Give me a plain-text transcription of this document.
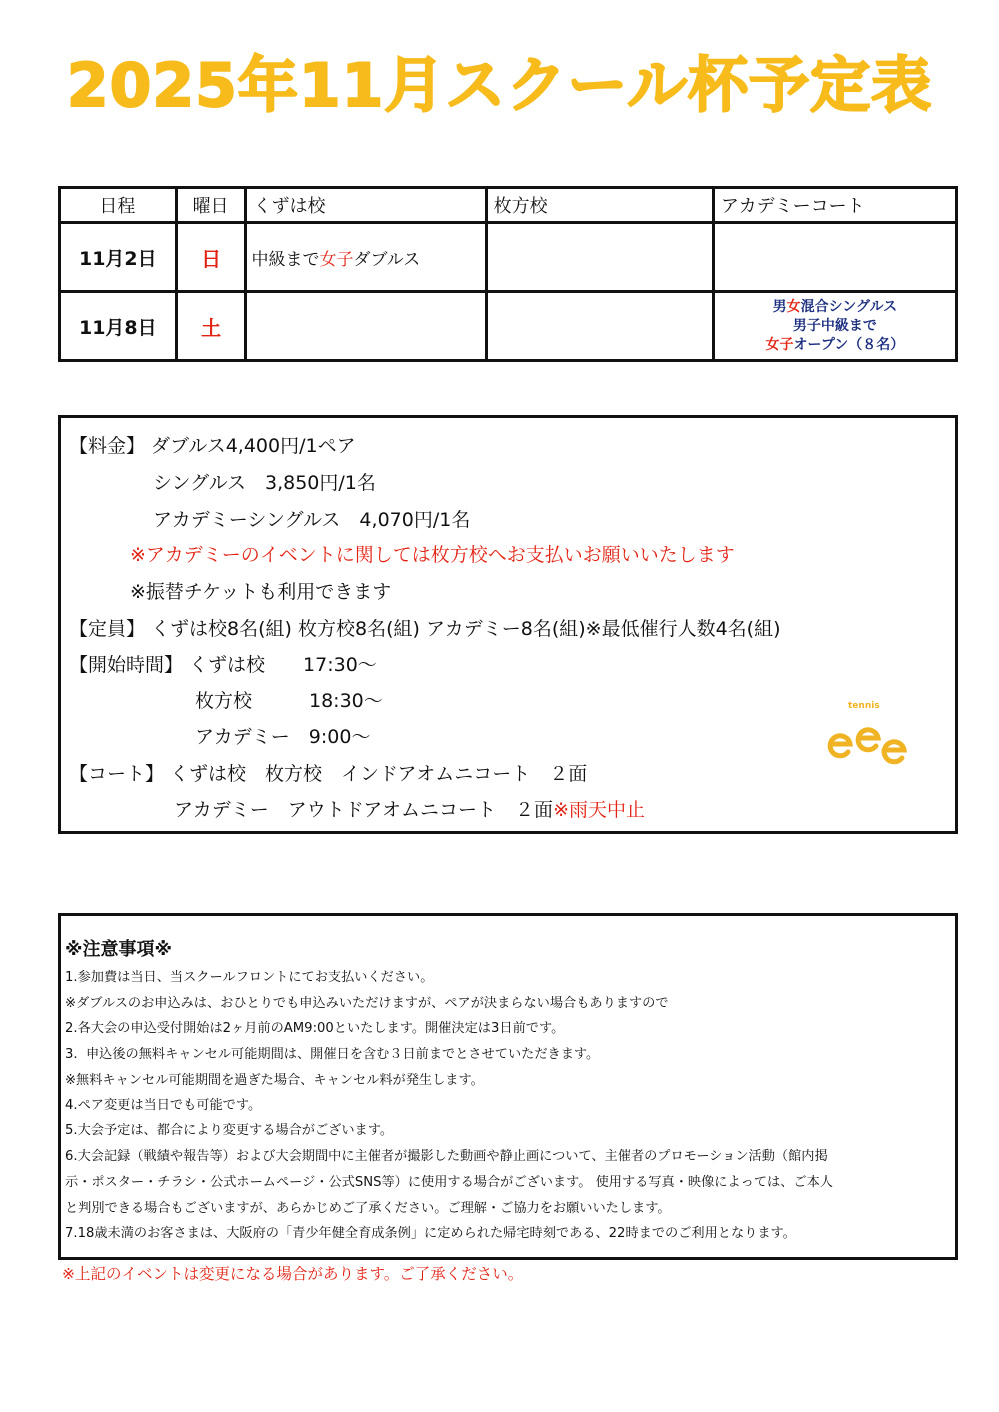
2025年11月スクール杯予定表
日程	曜日	くずは校	枚方校	アカデミーコート
11月2日	日	中級まで女子ダブルス		
11月8日	土			男女混合シングルス
男子中級まで
女子オープン（８名）
【料金】 ダブルス4,400円/1ペア
シングルス　3,850円/1名
アカデミーシングルス　4,070円/1名
※アカデミーのイベントに関しては枚方校へお支払いお願いいたします
※振替チケットも利用できます
【定員】 くずは校8名(組) 枚方校8名(組) アカデミー8名(組)※最低催行人数4名(組)
【開始時間】 くずは校　　17:30～
枚方校　　　18:30～
アカデミー　9:00～
【コート】 くずは校　枚方校　インドアオムニコート　２面
アカデミー　アウトドアオムニコート　２面※雨天中止
tennis
egg
※注意事項※
1.参加費は当日、当スクールフロントにてお支払いください。
※ダブルスのお申込みは、おひとりでも申込みいただけますが、ペアが決まらない場合もありますので
2.各大会の申込受付開始は2ヶ月前のAM9:00といたします。開催決定は3日前です。
3.  申込後の無料キャンセル可能期間は、開催日を含む３日前までとさせていただきます。
※無料キャンセル可能期間を過ぎた場合、キャンセル料が発生します。
4.ペア変更は当日でも可能です。
5.大会予定は、都合により変更する場合がございます。
6.大会記録（戦績や報告等）および大会期間中に主催者が撮影した動画や静止画について、主催者のプロモーション活動（館内掲
示・ポスター・チラシ・公式ホームページ・公式SNS等）に使用する場合がございます。 使用する写真・映像によっては、ご本人
と判別できる場合もございますが、あらかじめご了承ください。ご理解・ご協力をお願いいたします。
7.18歳未満のお客さまは、大阪府の「青少年健全育成条例」に定められた帰宅時刻である、22時までのご利用となります。
※上記のイベントは変更になる場合があります。ご了承ください。
